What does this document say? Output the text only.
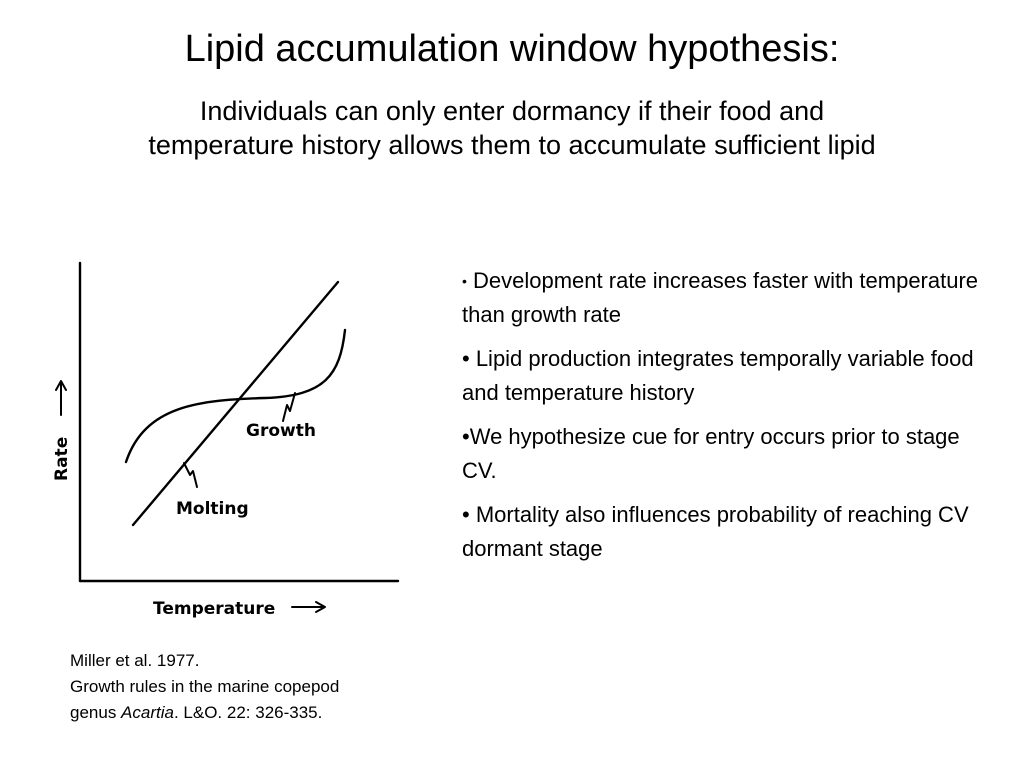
Lipid accumulation window hypothesis:
Individuals can only enter dormancy if their food and
temperature history allows them to accumulate sufficient lipid
Rate
Temperature
Growth
Molting
• Development rate increases faster with temperature than growth rate
• Lipid production integrates temporally variable food and temperature history
•We hypothesize cue for entry occurs prior to stage CV.
• Mortality also influences probability of reaching CV dormant stage
Miller et al. 1977.
Growth rules in the marine copepod
genus Acartia. L&O. 22: 326-335.
